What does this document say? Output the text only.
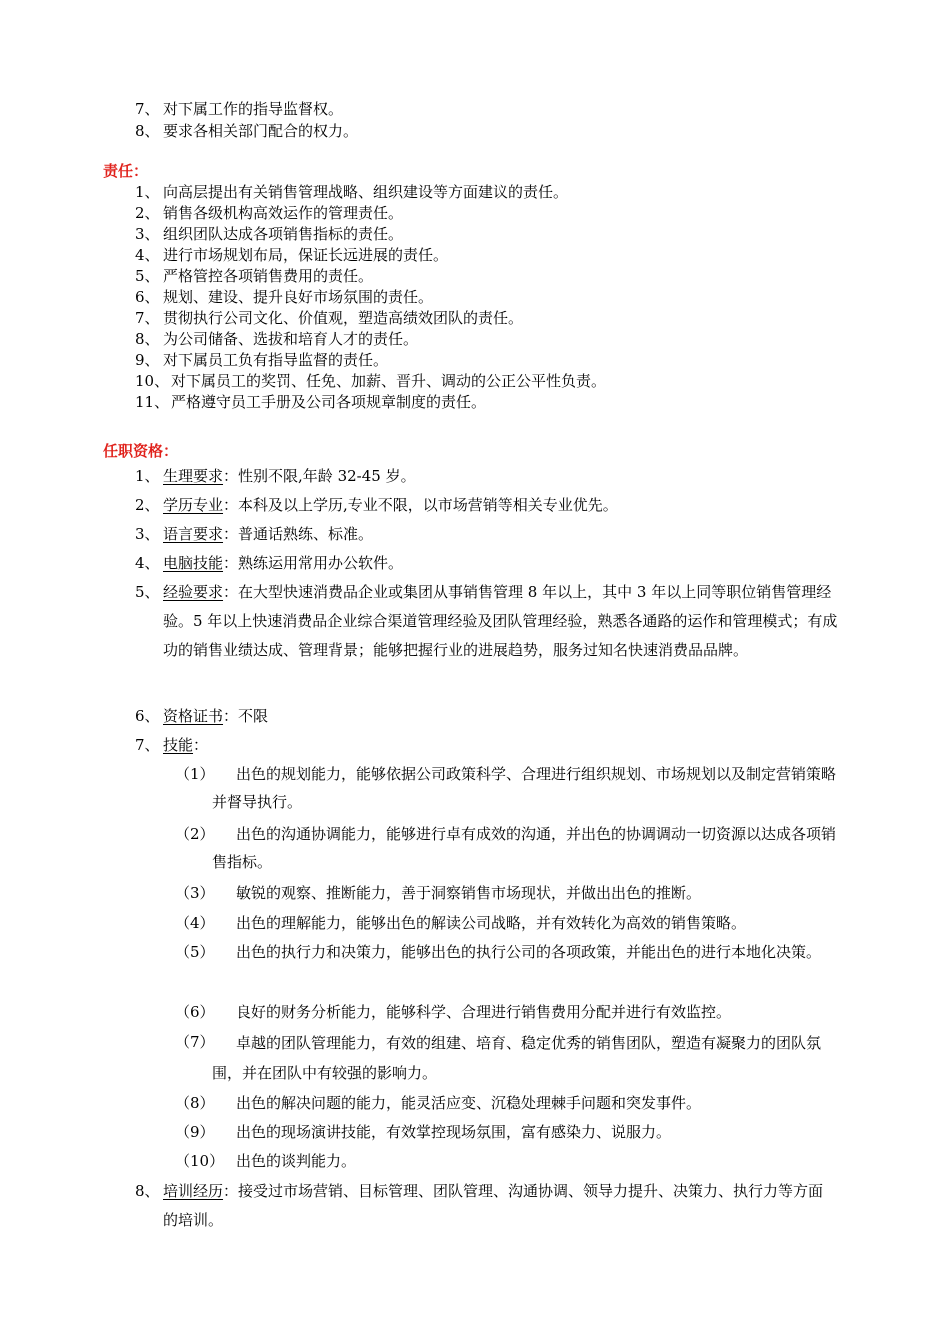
7、 对下属工作的指导监督权。
8、 要求各相关部门配合的权力。
责任：
1、 向高层提出有关销售管理战略、组织建设等方面建议的责任。
2、 销售各级机构高效运作的管理责任。
3、 组织团队达成各项销售指标的责任。
4、 进行市场规划布局，保证长远进展的责任。
5、 严格管控各项销售费用的责任。
6、 规划、建设、提升良好市场氛围的责任。
7、 贯彻执行公司文化、价值观，塑造高绩效团队的责任。
8、 为公司储备、选拔和培育人才的责任。
9、 对下属员工负有指导监督的责任。
10、 对下属员工的奖罚、任免、加薪、晋升、调动的公正公平性负责。
11、 严格遵守员工手册及公司各项规章制度的责任。
任职资格：
1、 生理要求：性别不限,年龄 32-45 岁。
2、 学历专业：本科及以上学历,专业不限，以市场营销等相关专业优先。
3、 语言要求：普通话熟练、标准。
4、 电脑技能：熟练运用常用办公软件。
5、 经验要求：在大型快速消费品企业或集团从事销售管理 8 年以上，其中 3 年以上同等职位销售管理经验。5 年以上快速消费品企业综合渠道管理经验及团队管理经验，熟悉各通路的运作和管理模式；有成功的销售业绩达成、管理背景；能够把握行业的进展趋势，服务过知名快速消费品品牌。
6、 资格证书：不限
7、 技能：
（1）	出色的规划能力，能够依据公司政策科学、合理进行组织规划、市场规划以及制定营销策略并督导执行。
（2）	出色的沟通协调能力，能够进行卓有成效的沟通，并出色的协调调动一切资源以达成各项销售指标。
（3） 敏锐的观察、推断能力，善于洞察销售市场现状，并做出出色的推断。
（4） 出色的理解能力，能够出色的解读公司战略，并有效转化为高效的销售策略。
（5）	出色的执行力和决策力，能够出色的执行公司的各项政策，并能出色的进行本地化决策。
（6） 良好的财务分析能力，能够科学、合理进行销售费用分配并进行有效监控。
（7）	卓越的团队管理能力，有效的组建、培育、稳定优秀的销售团队，塑造有凝聚力的团队氛围，并在团队中有较强的影响力。
（8） 出色的解决问题的能力，能灵活应变、沉稳处理棘手问题和突发事件。
（9） 出色的现场演讲技能，有效掌控现场氛围，富有感染力、说服力。
（10） 出色的谈判能力。
8、 培训经历：接受过市场营销、目标管理、团队管理、沟通协调、领导力提升、决策力、执行力等方面的培训。
